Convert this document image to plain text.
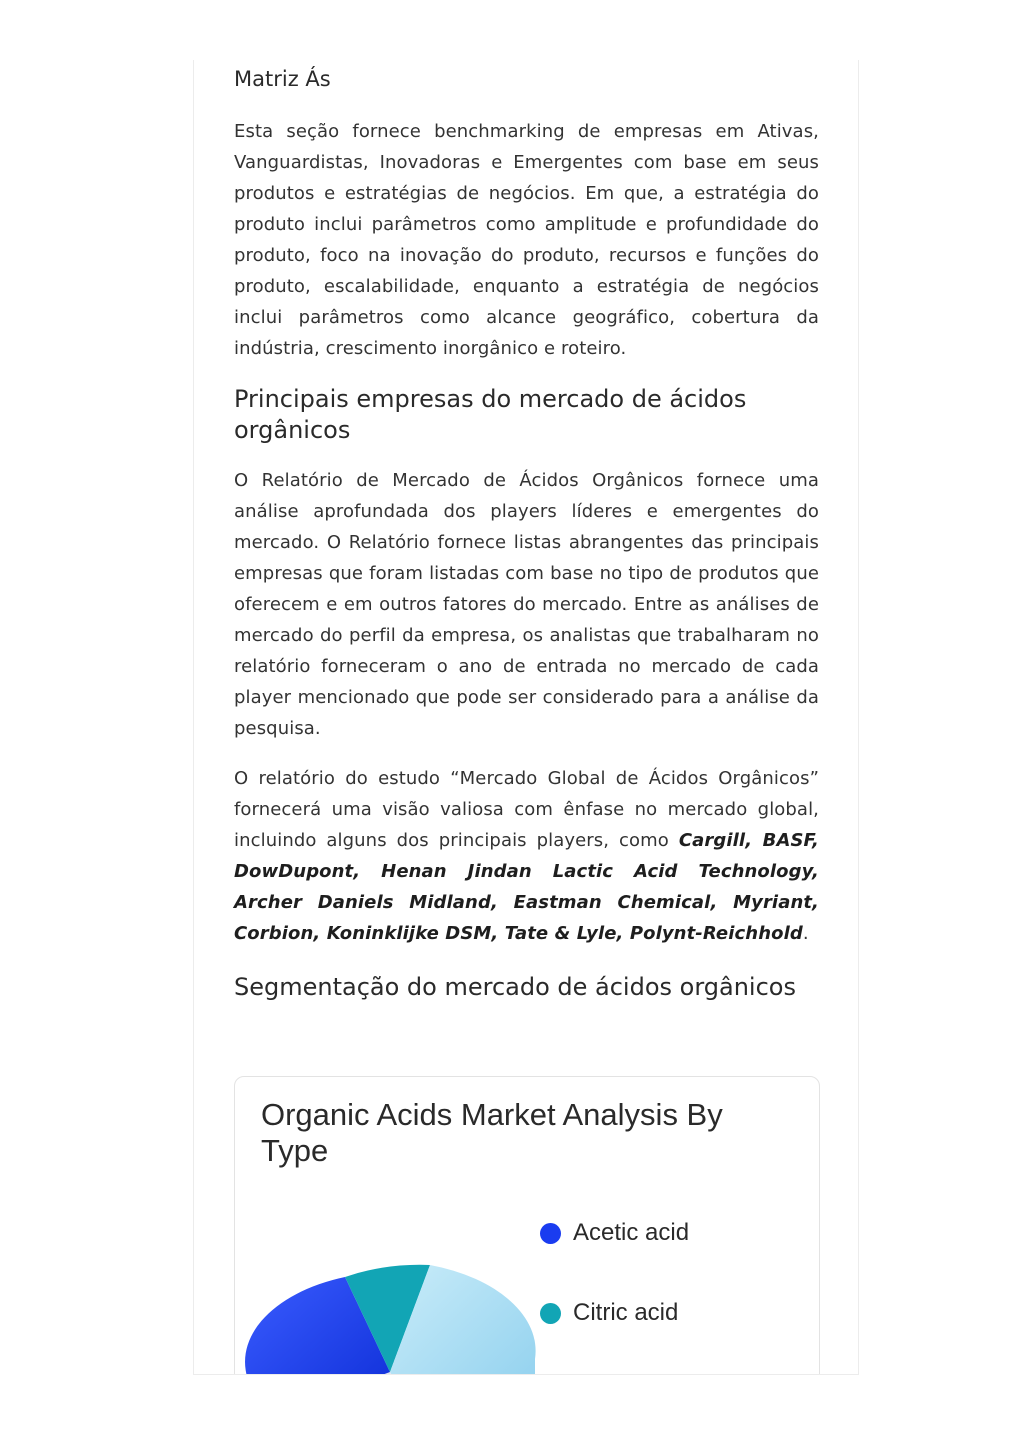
Matriz Ás

Esta seção fornece benchmarking de empresas em Ativas, Vanguardistas, Inovadoras e Emergentes com base em seus produtos e estratégias de negócios. Em que, a estratégia do produto inclui parâmetros como amplitude e profundidade do produto, foco na inovação do produto, recursos e funções do produto, escalabilidade, enquanto a estratégia de negócios inclui parâmetros como alcance geográfico, cobertura da indústria, crescimento inorgânico e roteiro.

Principais empresas do mercado de ácidos orgânicos

O Relatório de Mercado de Ácidos Orgânicos fornece uma análise aprofundada dos players líderes e emergentes do mercado. O Relatório fornece listas abrangentes das principais empresas que foram listadas com base no tipo de produtos que oferecem e em outros fatores do mercado. Entre as análises de mercado do perfil da empresa, os analistas que trabalharam no relatório forneceram o ano de entrada no mercado de cada player mencionado que pode ser considerado para a análise da pesquisa.

O relatório do estudo “Mercado Global de Ácidos Orgânicos” fornecerá uma visão valiosa com ênfase no mercado global, incluindo alguns dos principais players, como Cargill, BASF, DowDupont, Henan Jindan Lactic Acid Technology, Archer Daniels Midland, Eastman Chemical, Myriant, Corbion, Koninklijke DSM, Tate & Lyle, Polynt-Reichhold.

Segmentação do mercado de ácidos orgânicos
Organic Acids Market Analysis By Type
Acetic acid
Citric acid
